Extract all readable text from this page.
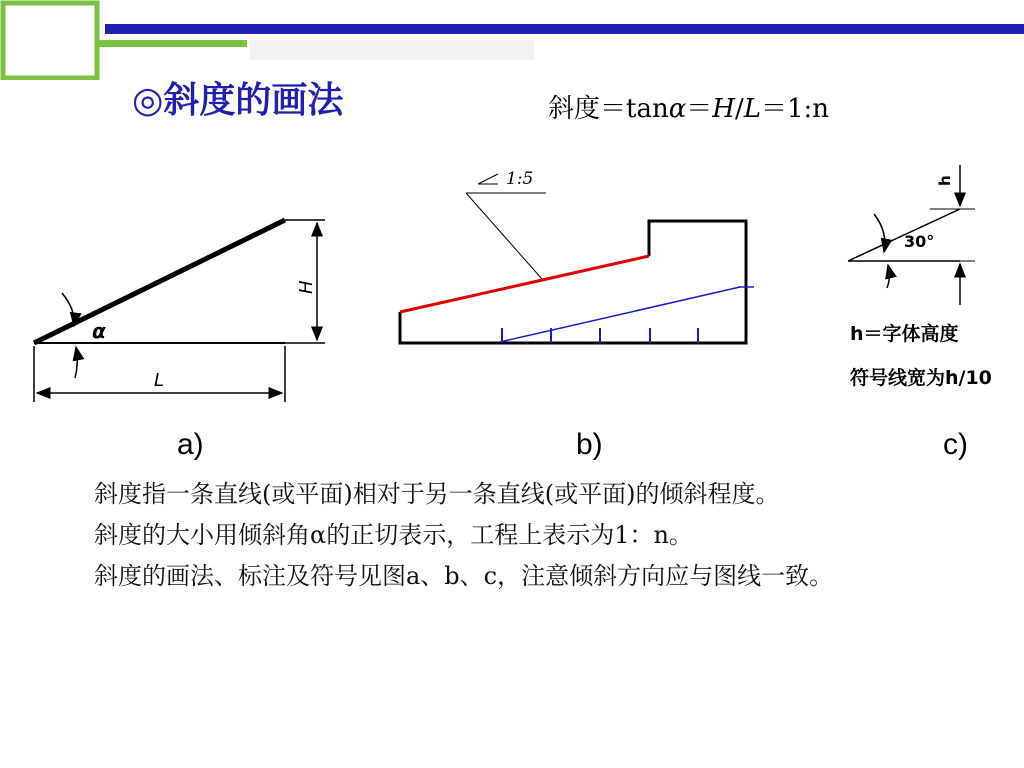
◎斜度的画法	斜度＝tanα＝H/L＝1:n
α
H
L
1:5
30°
h
h＝字体高度
符号线宽为h/10
a)	b)	c)

斜度指一条直线(或平面)相对于另一条直线(或平面)的倾斜程度。

斜度的大小用倾斜角α的正切表示，工程上表示为1：n。

斜度的画法、标注及符号见图a、b、c，注意倾斜方向应与图线一致。
